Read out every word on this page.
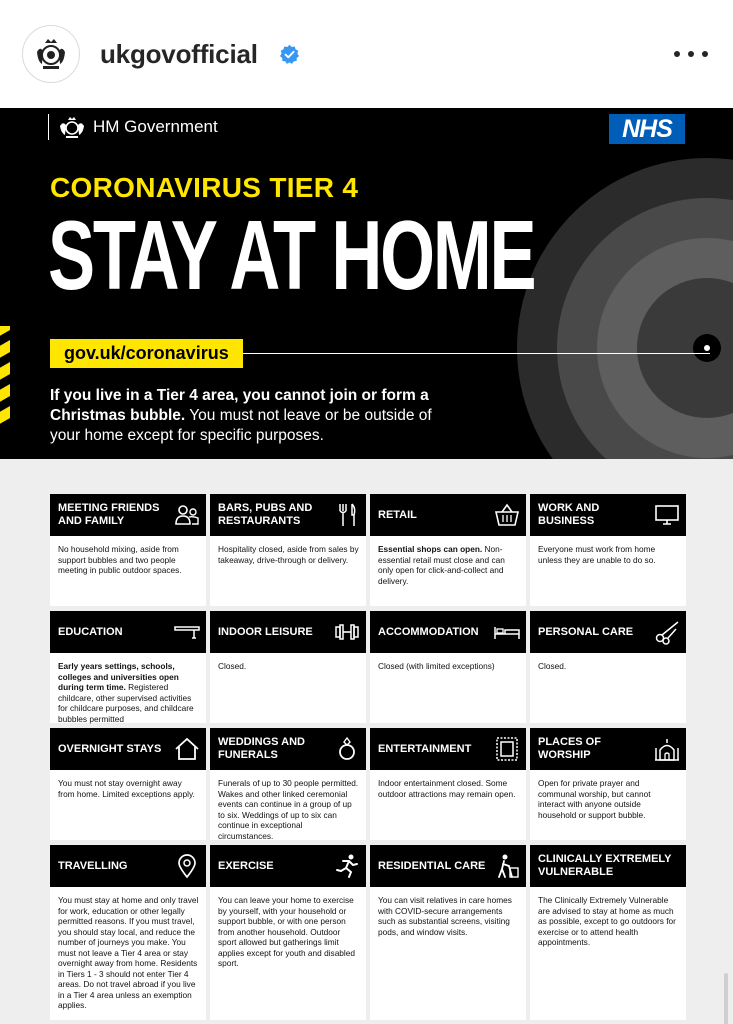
ukgovofficial
HM Government	NHS
CORONAVIRUS TIER 4
STAY AT HOME
gov.uk/coronavirus

If you live in a Tier 4 area, you cannot join or form a Christmas bubble. You must not leave or be outside of your home except for specific purposes.

MEETING FRIENDS AND FAMILY
No household mixing, aside from support bubbles and two people meeting in public outdoor spaces.
BARS, PUBS AND RESTAURANTS
Hospitality closed, aside from sales by takeaway, drive-through or delivery.
RETAIL
Essential shops can open. Non-essential retail must close and can only open for click-and-collect and delivery.
WORK AND BUSINESS
Everyone must work from home unless they are unable to do so.
EDUCATION
Early years settings, schools, colleges and universities open during term time. Registered childcare, other supervised activities for childcare purposes, and childcare bubbles permitted
INDOOR LEISURE
Closed.
ACCOMMODATION
Closed (with limited exceptions)
PERSONAL CARE
Closed.
OVERNIGHT STAYS
You must not stay overnight away from home. Limited exceptions apply.
WEDDINGS AND FUNERALS
Funerals of up to 30 people permitted. Wakes and other linked ceremonial events can continue in a group of up to six. Weddings of up to six can continue in exceptional circumstances.
ENTERTAINMENT
Indoor entertainment closed. Some outdoor attractions may remain open.
PLACES OF WORSHIP
Open for private prayer and communal worship, but cannot interact with anyone outside household or support bubble.
TRAVELLING
You must stay at home and only travel for work, education or other legally permitted reasons. If you must travel, you should stay local, and reduce the number of journeys you make. You must not leave a Tier 4 area or stay overnight away from home. Residents in Tiers 1 - 3 should not enter Tier 4 areas. Do not travel abroad if you live in a Tier 4 area unless an exemption applies.
EXERCISE
You can leave your home to exercise by yourself, with your household or support bubble, or with one person from another household. Outdoor sport allowed but gatherings limit applies except for youth and disabled sport.
RESIDENTIAL CARE
You can visit relatives in care homes with COVID-secure arrangements such as substantial screens, visiting pods, and window visits.
CLINICALLY EXTREMELY VULNERABLE
The Clinically Extremely Vulnerable are advised to stay at home as much as possible, except to go outdoors for exercise or to attend health appointments.
